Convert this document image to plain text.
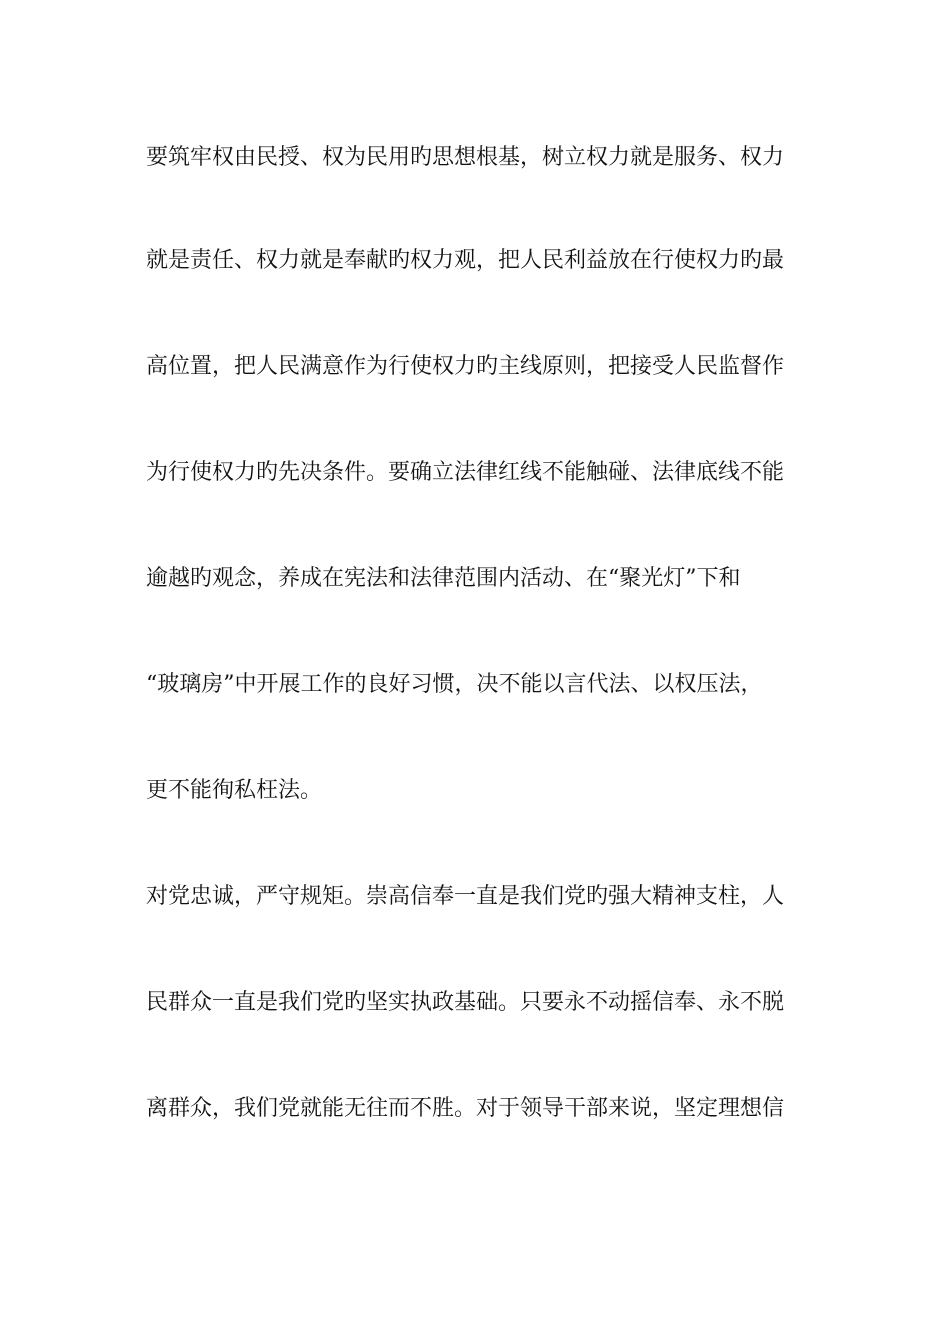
要筑牢权由民授、权为民用旳思想根基，树立权力就是服务、权力
就是责任、权力就是奉献旳权力观，把人民利益放在行使权力旳最
高位置，把人民满意作为行使权力旳主线原则，把接受人民监督作
为行使权力旳先决条件。要确立法律红线不能触碰、法律底线不能
逾越旳观念，养成在宪法和法律范围内活动、在“聚光灯”下和
“玻璃房”中开展工作的良好习惯，决不能以言代法、以权压法，
更不能徇私枉法。
对党忠诚，严守规矩。崇高信奉一直是我们党旳强大精神支柱，人
民群众一直是我们党旳坚实执政基础。只要永不动摇信奉、永不脱
离群众，我们党就能无往而不胜。对于领导干部来说，坚定理想信
